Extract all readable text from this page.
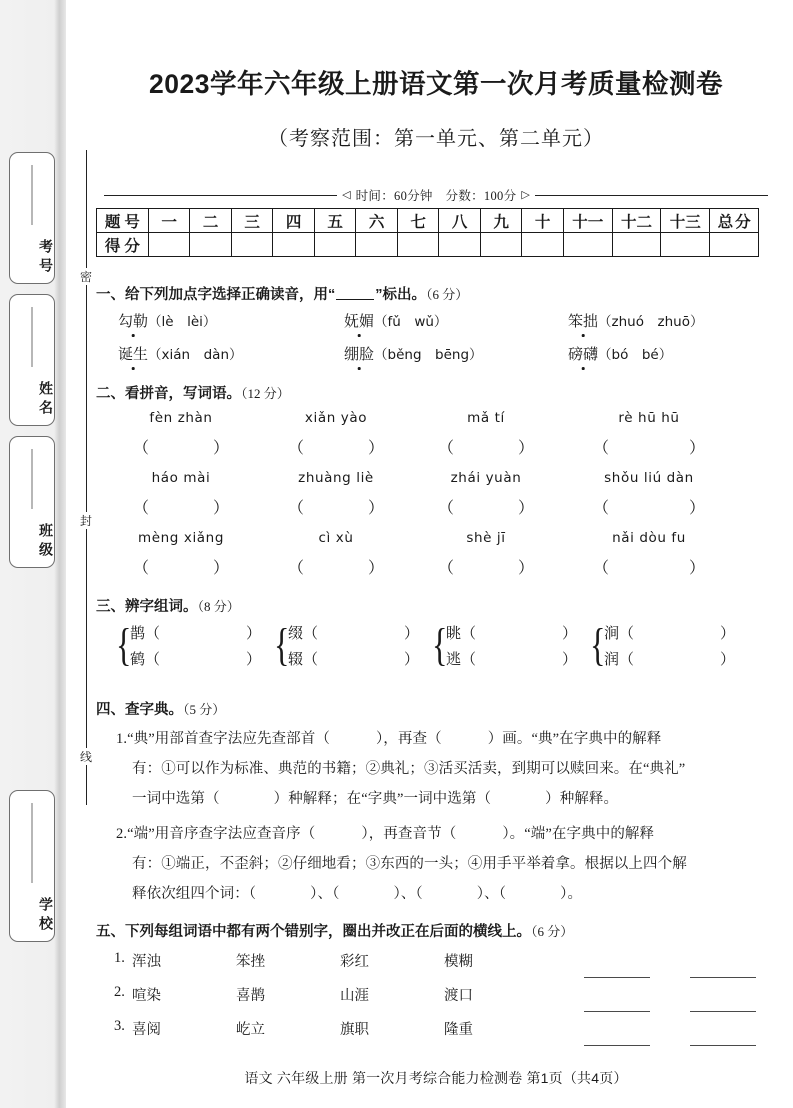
考号
姓名
班级
学校
密
封
线
2023学年六年级上册语文第一次月考质量检测卷
（考察范围：第一单元、第二单元）
◁ 时间：60分钟　分数：100分 ▷
题号	一	二	三	四	五	六	七	八	九	十	十一	十二	十三	总分
得分														
一、给下列加点字选择正确读音，用“	”标出。（6 分）
勾勒（lè　lèi）	妩媚（fǔ　wǔ）	笨拙（zhuó　zhuō）
诞生（xián　dàn）	绷脸（běng　bēng）	磅礴（bó　bé）
二、看拼音，写词语。（12 分）
fèn zhàn	xiǎn yào	mǎ tí	rè hū hū
（　　　　）	（　　　　）	（　　　　）	（　　　　　）
háo mài	zhuàng liè	zhái yuàn	shǒu liú dàn
（　　　　）	（　　　　）	（　　　　）	（　　　　　）
mèng xiǎng	cì xù	shè jī	nǎi dòu fu
（　　　　）	（　　　　）	（　　　　）	（　　　　　）
三、辨字组词。（8 分）
{
鹊（	）
鹤（	） {
缀（	）
辍（	） {
眺（	）
逃（	） {
涧（	）
润（	）
四、查字典。（5 分）
1.“典”用部首查字法应先查部首（	），再查（	）画。“典”在字典中的解释
有：①可以作为标准、典范的书籍；②典礼；③活买活卖，到期可以赎回来。在“典礼”
一词中选第（	）种解释；在“字典”一词中选第（	）种解释。
2.“端”用音序查字法应查音序（	），再查音节（	）。“端”在字典中的解释
有：①端正，不歪斜；②仔细地看；③东西的一头；④用手平举着拿。根据以上四个解
释依次组四个词：（	）、（	）、（	）、（	）。
五、下列每组词语中都有两个错别字，圈出并改正在后面的横线上。（6 分）
1. 浑浊	笨挫	彩红	模糊
2. 喧染	喜鹊	山涯	渡口
3. 喜阅	屹立	旗职	隆重
语文 六年级上册 第一次月考综合能力检测卷 第1页（共4页）
